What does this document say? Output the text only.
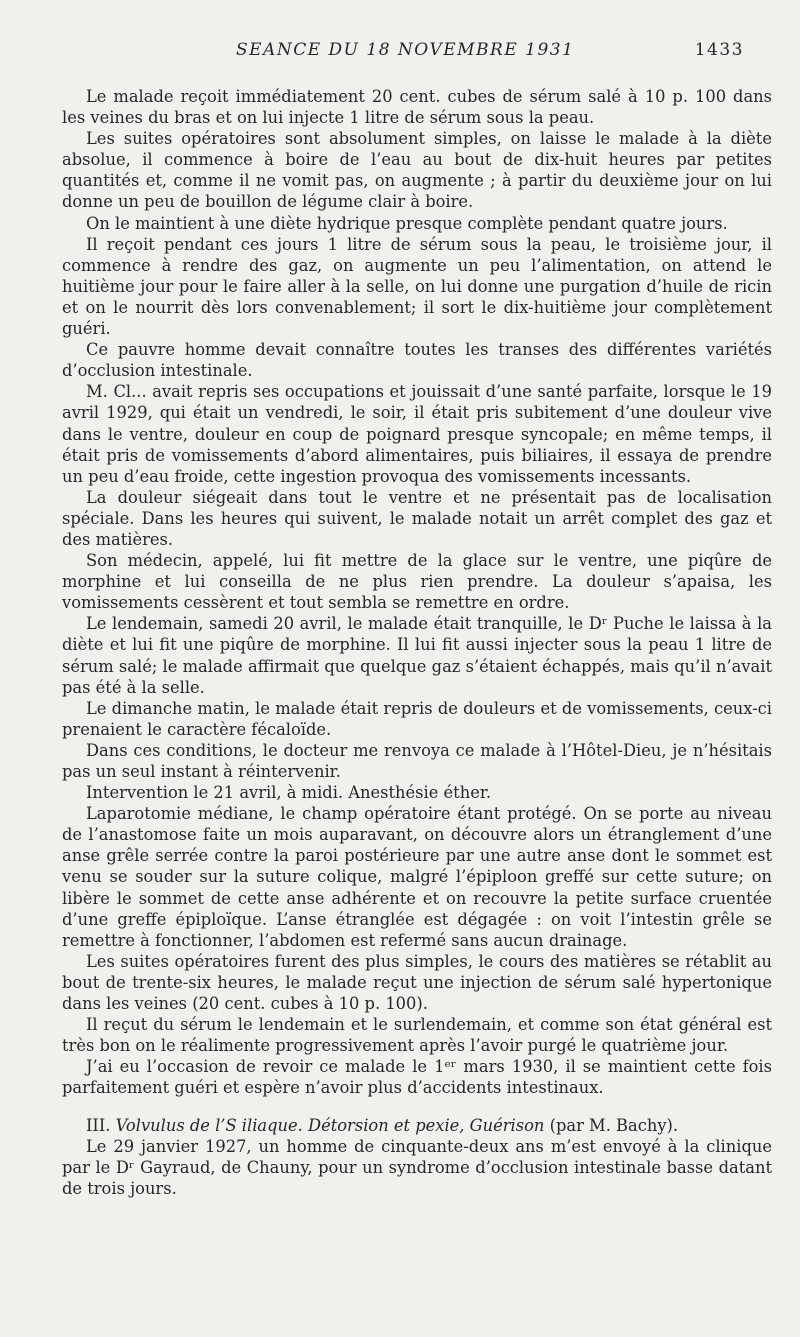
SEANCE DU 18 NOVEMBRE 1931	1433

Le malade reçoit immédiatement 20 cent. cubes de sérum salé à 10 p. 100 dans les veines du bras et on lui injecte 1 litre de sérum sous la peau.

Les suites opératoires sont absolument simples, on laisse le malade à la diète absolue, il commence à boire de l’eau au bout de dix-huit heures par petites quantités et, comme il ne vomit pas, on augmente ; à partir du deuxième jour on lui donne un peu de bouillon de légume clair à boire.

On le maintient à une diète hydrique presque complète pendant quatre jours.

Il reçoit pendant ces jours 1 litre de sérum sous la peau, le troisième jour, il commence à rendre des gaz, on augmente un peu l’alimentation, on attend le huitième jour pour le faire aller à la selle, on lui donne une purgation d’huile de ricin et on le nourrit dès lors convenablement; il sort le dix-huitième jour complètement guéri.

Ce pauvre homme devait connaître toutes les transes des différentes variétés d’occlusion intestinale.

M. Cl... avait repris ses occupations et jouissait d’une santé parfaite, lorsque le 19 avril 1929, qui était un vendredi, le soir, il était pris subitement d’une douleur vive dans le ventre, douleur en coup de poignard presque syncopale; en même temps, il était pris de vomissements d’abord alimentaires, puis biliaires, il essaya de prendre un peu d’eau froide, cette ingestion provoqua des vomissements incessants.

La douleur siégeait dans tout le ventre et ne présentait pas de localisation spéciale. Dans les heures qui suivent, le malade notait un arrêt complet des gaz et des matières.

Son médecin, appelé, lui fit mettre de la glace sur le ventre, une piqûre de morphine et lui conseilla de ne plus rien prendre. La douleur s’apaisa, les vomissements cessèrent et tout sembla se remettre en ordre.

Le lendemain, samedi 20 avril, le malade était tranquille, le Dʳ Puche le laissa à la diète et lui fit une piqûre de morphine. Il lui fit aussi injecter sous la peau 1 litre de sérum salé; le malade affirmait que quelque gaz s’étaient échappés, mais qu’il n’avait pas été à la selle.

Le dimanche matin, le malade était repris de douleurs et de vomissements, ceux-ci prenaient le caractère fécaloïde.

Dans ces conditions, le docteur me renvoya ce malade à l’Hôtel-Dieu, je n’hésitais pas un seul instant à réintervenir.

Intervention le 21 avril, à midi. Anesthésie éther.

Laparotomie médiane, le champ opératoire étant protégé. On se porte au niveau de l’anastomose faite un mois auparavant, on découvre alors un étranglement d’une anse grêle serrée contre la paroi postérieure par une autre anse dont le sommet est venu se souder sur la suture colique, malgré l’épiploon greffé sur cette suture; on libère le sommet de cette anse adhérente et on recouvre la petite surface cruentée d’une greffe épiploïque. L’anse étranglée est dégagée : on voit l’intestin grêle se remettre à fonctionner, l’abdomen est refermé sans aucun drainage.

Les suites opératoires furent des plus simples, le cours des matières se rétablit au bout de trente-six heures, le malade reçut une injection de sérum salé hypertonique dans les veines (20 cent. cubes à 10 p. 100).

Il reçut du sérum le lendemain et le surlendemain, et comme son état général est très bon on le réalimente progressivement après l’avoir purgé le quatrième jour.

J’ai eu l’occasion de revoir ce malade le 1ᵉʳ mars 1930, il se maintient cette fois parfaitement guéri et espère n’avoir plus d’accidents intestinaux.

III. Volvulus de l’S iliaque. Détorsion et pexie, Guérison (par M. Bachy).

Le 29 janvier 1927, un homme de cinquante-deux ans m’est envoyé à la clinique par le Dʳ Gayraud, de Chauny, pour un syndrome d’occlusion intestinale basse datant de trois jours.
